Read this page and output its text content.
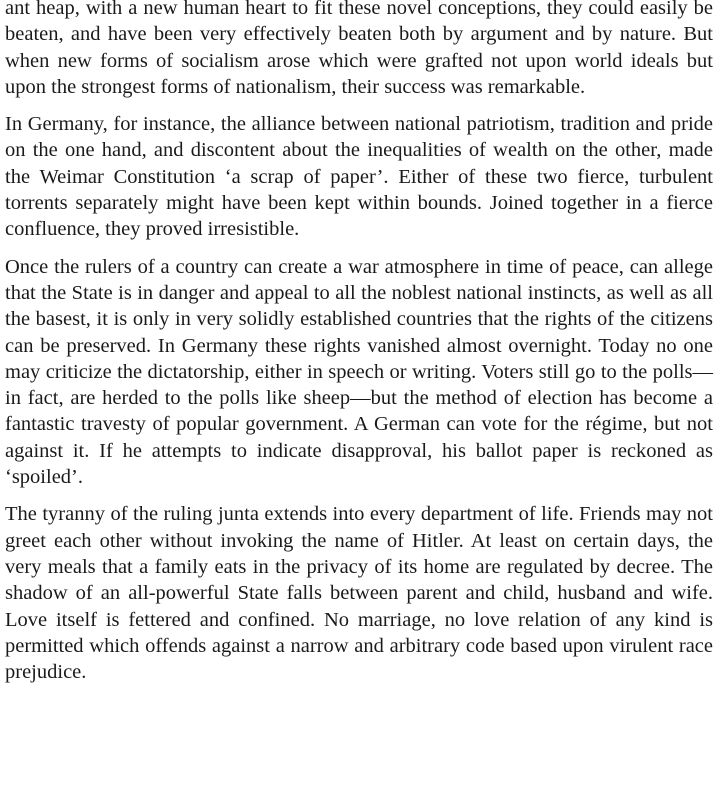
ant heap, with a new human heart to fit these novel conceptions, they could easily be beaten, and have been very effectively beaten both by argument and by nature. But when new forms of socialism arose which were grafted not upon world ideals but upon the strongest forms of nationalism, their success was remarkable.

In Germany, for instance, the alliance between national patriotism, tradition and pride on the one hand, and discontent about the inequalities of wealth on the other, made the Weimar Constitution ‘a scrap of paper’. Either of these two fierce, turbulent torrents separately might have been kept within bounds. Joined together in a fierce confluence, they proved irresistible.

Once the rulers of a country can create a war atmosphere in time of peace, can allege that the State is in danger and appeal to all the noblest national instincts, as well as all the basest, it is only in very solidly established countries that the rights of the citizens can be preserved. In Germany these rights vanished almost overnight. Today no one may criticize the dictatorship, either in speech or writing. Voters still go to the polls—in fact, are herded to the polls like sheep—but the method of election has become a fantastic travesty of popular government. A German can vote for the régime, but not against it. If he attempts to indicate disapproval, his ballot paper is reckoned as ‘spoiled’.

The tyranny of the ruling junta extends into every department of life. Friends may not greet each other without invoking the name of Hitler. At least on certain days, the very meals that a family eats in the privacy of its home are regulated by decree. The shadow of an all-powerful State falls between parent and child, husband and wife. Love itself is fettered and confined. No marriage, no love relation of any kind is permitted which offends against a narrow and arbitrary code based upon virulent race prejudice.
